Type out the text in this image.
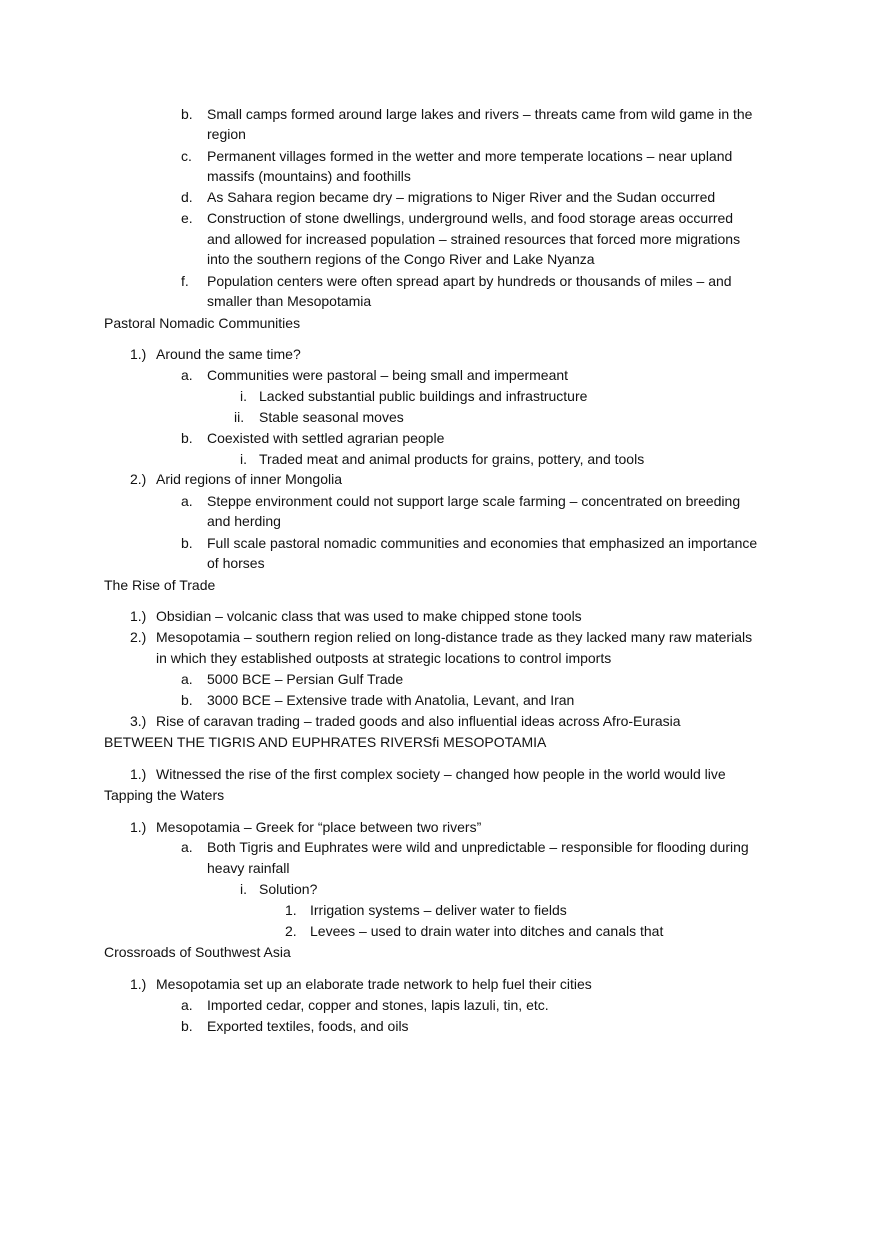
b. Small camps formed around large lakes and rivers – threats came from wild game in the
region
c. Permanent villages formed in the wetter and more temperate locations – near upland
massifs (mountains) and foothills
d. As Sahara region became dry – migrations to Niger River and the Sudan occurred
e. Construction of stone dwellings, underground wells, and food storage areas occurred
and allowed for increased population – strained resources that forced more migrations
into the southern regions of the Congo River and Lake Nyanza
f. Population centers were often spread apart by hundreds or thousands of miles – and
smaller than Mesopotamia
Pastoral Nomadic Communities
1.) Around the same time?
a. Communities were pastoral – being small and impermeant
i. Lacked substantial public buildings and infrastructure
ii. Stable seasonal moves
b. Coexisted with settled agrarian people
i. Traded meat and animal products for grains, pottery, and tools
2.) Arid regions of inner Mongolia
a. Steppe environment could not support large scale farming – concentrated on breeding
and herding
b. Full scale pastoral nomadic communities and economies that emphasized an importance
of horses
The Rise of Trade
1.) Obsidian – volcanic class that was used to make chipped stone tools
2.) Mesopotamia – southern region relied on long-distance trade as they lacked many raw materials
in which they established outposts at strategic locations to control imports
a. 5000 BCE – Persian Gulf Trade
b. 3000 BCE – Extensive trade with Anatolia, Levant, and Iran
3.) Rise of caravan trading – traded goods and also influential ideas across Afro-Eurasia
BETWEEN THE TIGRIS AND EUPHRATES RIVERSﬁ MESOPOTAMIA
1.) Witnessed the rise of the first complex society – changed how people in the world would live
Tapping the Waters
1.) Mesopotamia – Greek for “place between two rivers”
a. Both Tigris and Euphrates were wild and unpredictable – responsible for flooding during
heavy rainfall
i. Solution?
1. Irrigation systems – deliver water to fields
2. Levees – used to drain water into ditches and canals that
Crossroads of Southwest Asia
1.) Mesopotamia set up an elaborate trade network to help fuel their cities
a. Imported cedar, copper and stones, lapis lazuli, tin, etc.
b. Exported textiles, foods, and oils
